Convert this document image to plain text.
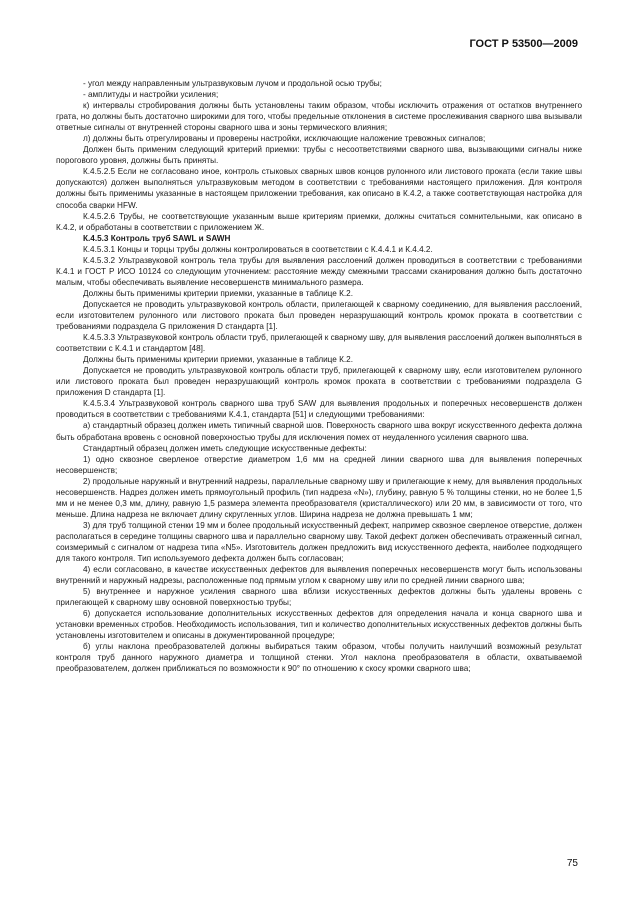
ГОСТ Р 53500—2009

- угол между направленным ультразвуковым лучом и продольной осью трубы;

- амплитуды и настройки усиления;

к) интервалы стробирования должны быть установлены таким образом, чтобы исключить отражения от остатков внутреннего грата, но должны быть достаточно широкими для того, чтобы предельные отклонения в системе прослеживания сварного шва вызывали ответные сигналы от внутренней стороны сварного шва и зоны термического влияния;

л) должны быть отрегулированы и проверены настройки, исключающие наложение тревожных сигналов;

Должен быть применим следующий критерий приемки: трубы с несоответствиями сварного шва, вызывающими сигналы ниже порогового уровня, должны быть приняты.

К.4.5.2.5 Если не согласовано иное, контроль стыковых сварных швов концов рулонного или листового проката (если такие швы допускаются) должен выполняться ультразвуковым методом в соответствии с требованиями настоящего приложения. Для контроля должны быть применимы указанные в настоящем приложении требования, как описано в К.4.2, а также соответствующая настройка для способа сварки HFW.

К.4.5.2.6 Трубы, не соответствующие указанным выше критериям приемки, должны считаться сомнительными, как описано в К.4.2, и обработаны в соответствии с приложением Ж.

К.4.5.3 Контроль труб SAWL и SAWH

К.4.5.3.1 Концы и торцы трубы должны контролироваться в соответствии с К.4.4.1 и К.4.4.2.

К.4.5.3.2 Ультразвуковой контроль тела трубы для выявления расслоений должен проводиться в соответствии с требованиями К.4.1 и ГОСТ Р ИСО 10124 со следующим уточнением: расстояние между смежными трассами сканирования должно быть достаточно малым, чтобы обеспечивать выявление несовершенств минимального размера.

Должны быть применимы критерии приемки, указанные в таблице К.2.

Допускается не проводить ультразвуковой контроль области, прилегающей к сварному соединению, для выявления расслоений, если изготовителем рулонного или листового проката был проведен неразрушающий контроль кромок проката в соответствии с требованиями подраздела G приложения D стандарта [1].

К.4.5.3.3 Ультразвуковой контроль области труб, прилегающей к сварному шву, для выявления расслоений должен выполняться в соответствии с К.4.1 и стандартом [48].

Должны быть применимы критерии приемки, указанные в таблице К.2.

Допускается не проводить ультразвуковой контроль области труб, прилегающей к сварному шву, если изготовителем рулонного или листового проката был проведен неразрушающий контроль кромок проката в соответствии с требованиями подраздела G приложения D стандарта [1].

К.4.5.3.4 Ультразвуковой контроль сварного шва труб SAW для выявления продольных и поперечных несовершенств должен проводиться в соответствии с требованиями К.4.1, стандарта [51] и следующими требованиями:

а) стандартный образец должен иметь типичный сварной шов. Поверхность сварного шва вокруг искусственного дефекта должна быть обработана вровень с основной поверхностью трубы для исключения помех от неудаленного усиления сварного шва.

Стандартный образец должен иметь следующие искусственные дефекты:

1) одно сквозное сверленое отверстие диаметром 1,6 мм на средней линии сварного шва для выявления поперечных несовершенств;

2) продольные наружный и внутренний надрезы, параллельные сварному шву и прилегающие к нему, для выявления продольных несовершенств. Надрез должен иметь прямоугольный профиль (тип надреза «N»), глубину, равную 5 % толщины стенки, но не более 1,5 мм и не менее 0,3 мм, длину, равную 1,5 размера элемента преобразователя (кристаллического) или 20 мм, в зависимости от того, что меньше. Длина надреза не включает длину скругленных углов. Ширина надреза не должна превышать 1 мм;

3) для труб толщиной стенки 19 мм и более продольный искусственный дефект, например сквозное сверленое отверстие, должен располагаться в середине толщины сварного шва и параллельно сварному шву. Такой дефект должен обеспечивать отраженный сигнал, соизмеримый с сигналом от надреза типа «N5». Изготовитель должен предложить вид искусственного дефекта, наиболее подходящего для такого контроля. Тип используемого дефекта должен быть согласован;

4) если согласовано, в качестве искусственных дефектов для выявления поперечных несовершенств могут быть использованы внутренний и наружный надрезы, расположенные под прямым углом к сварному шву или по средней линии сварного шва;

5) внутреннее и наружное усиления сварного шва вблизи искусственных дефектов должны быть удалены вровень с прилегающей к сварному шву основной поверхностью трубы;

6) допускается использование дополнительных искусственных дефектов для определения начала и конца сварного шва и установки временных стробов. Необходимость использования, тип и количество дополнительных искусственных дефектов должны быть установлены изготовителем и описаны в документированной процедуре;

б) углы наклона преобразователей должны выбираться таким образом, чтобы получить наилучший возможный результат контроля труб данного наружного диаметра и толщиной стенки. Угол наклона преобразователя в области, охватываемой преобразователем, должен приближаться по возможности к 90° по отношению к скосу кромки сварного шва;

75
